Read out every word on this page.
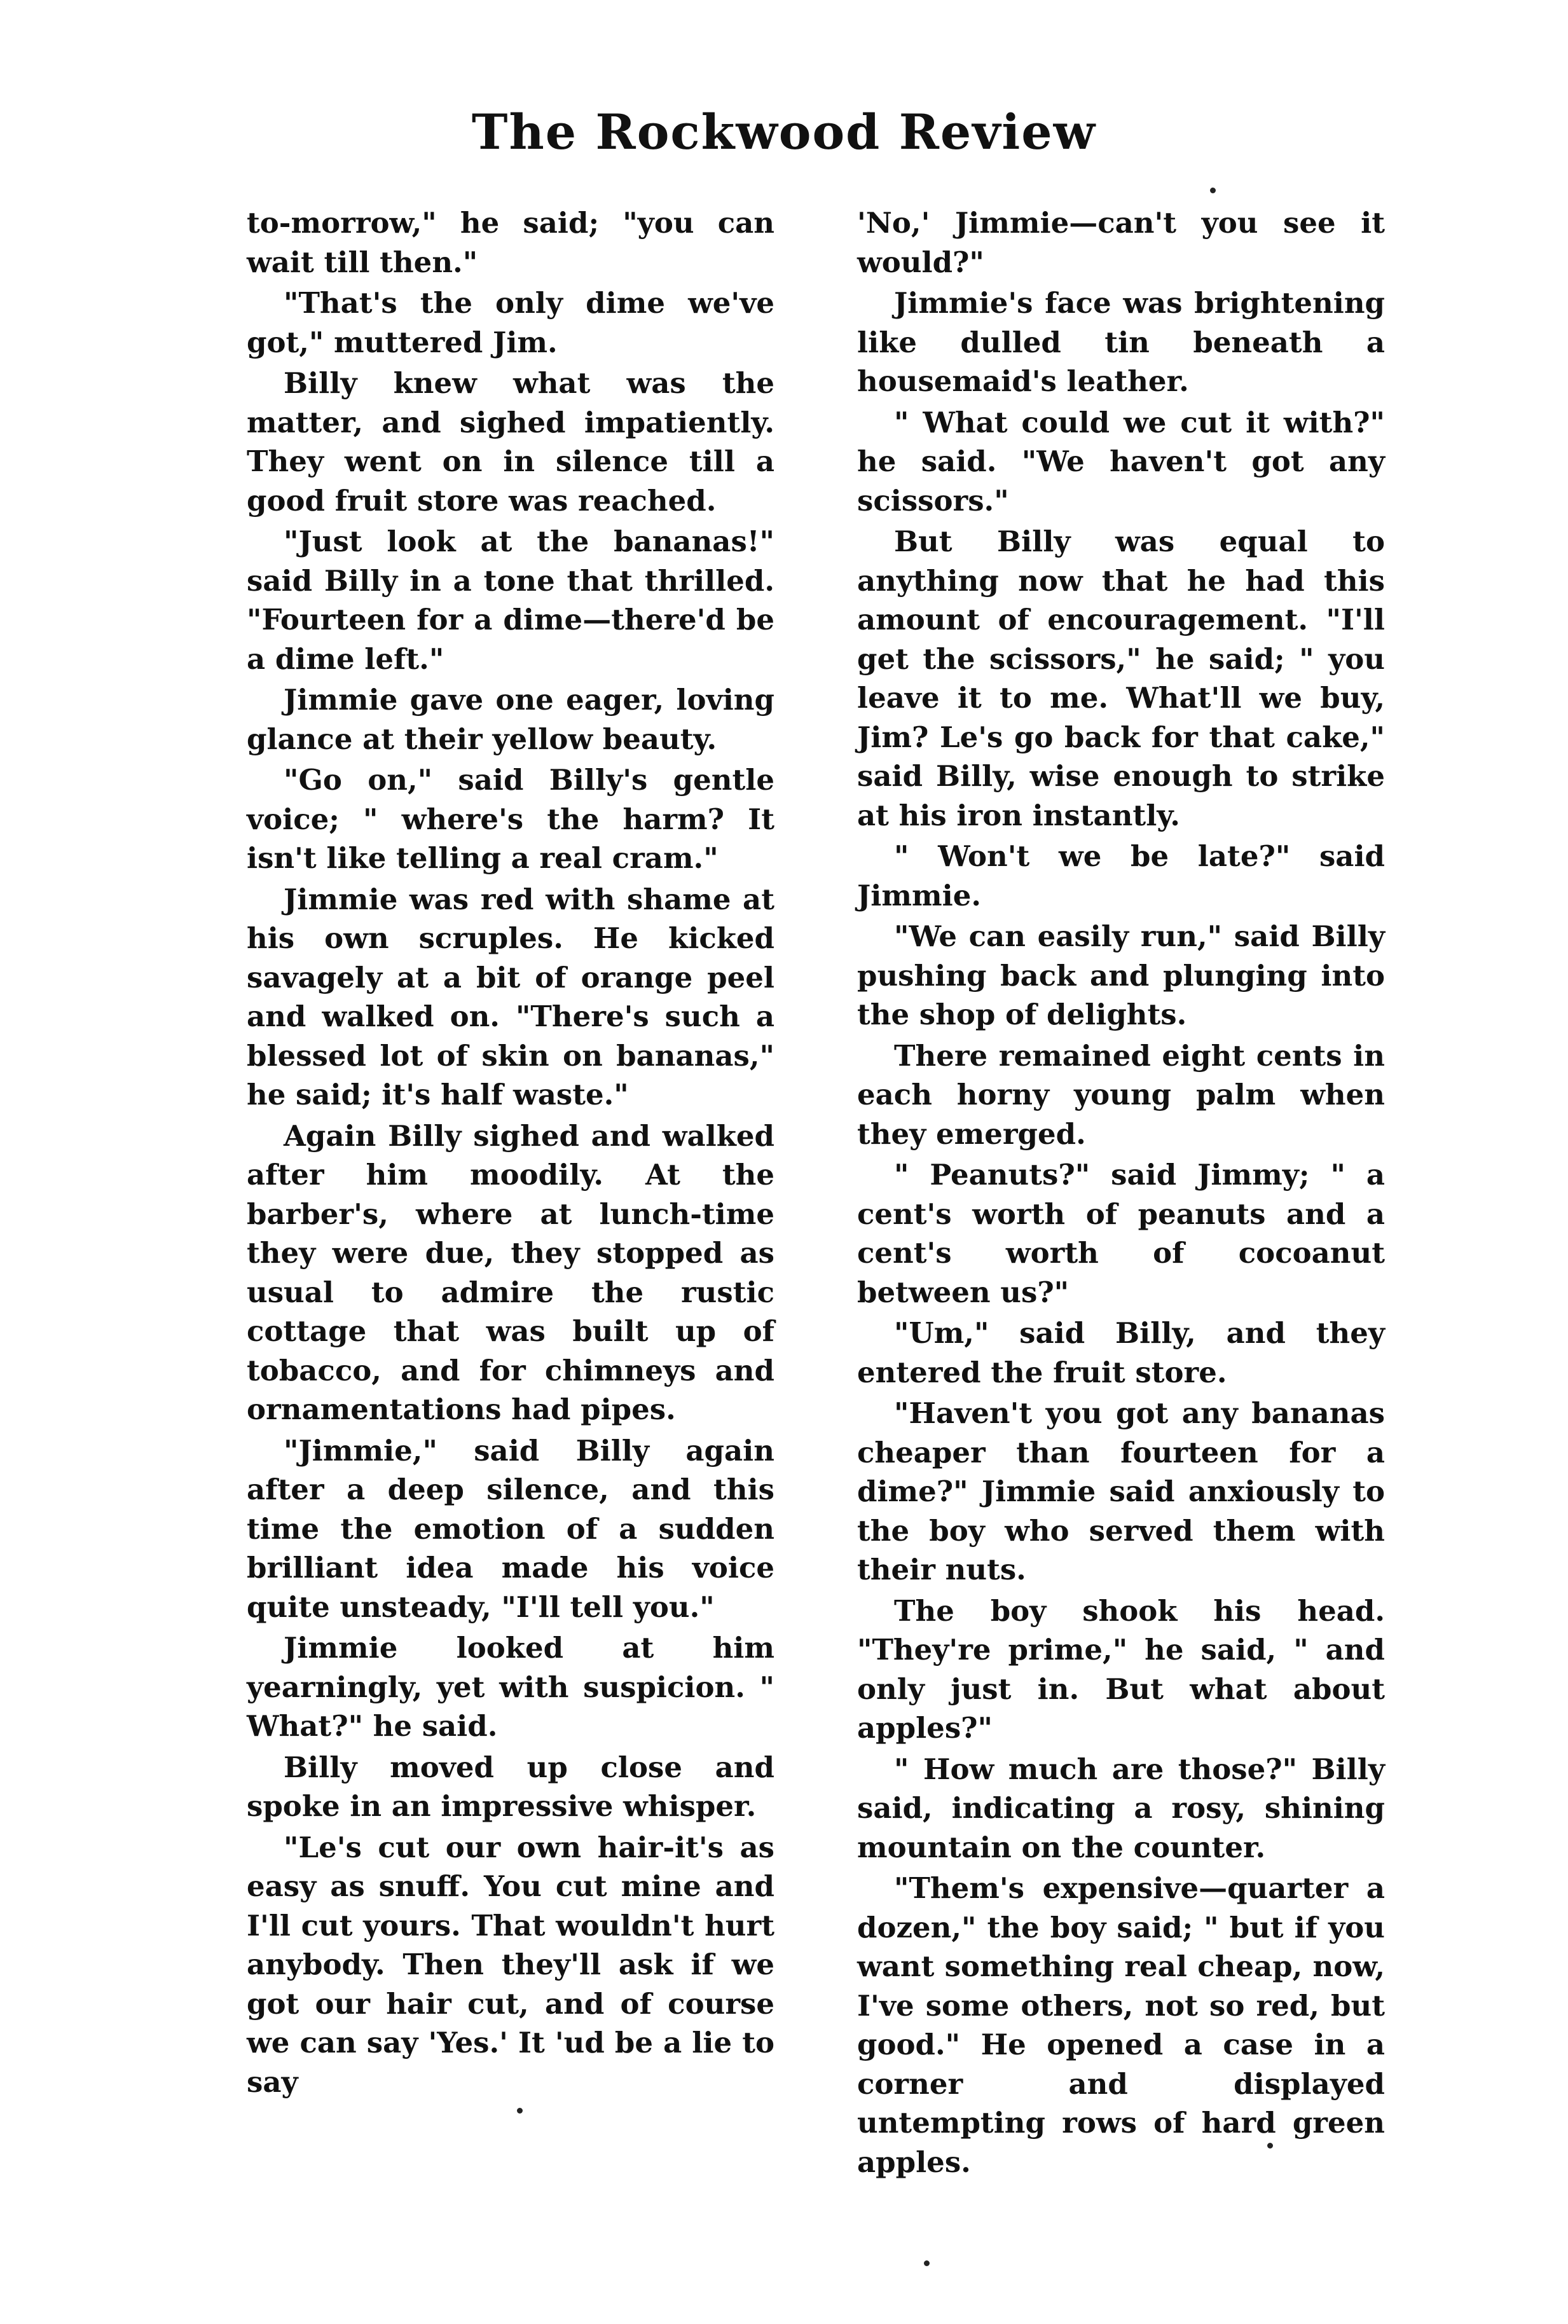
The Rockwood Review

to-morrow," he said; "you can wait till then."

"That's the only dime we've got," muttered Jim.

Billy knew what was the matter, and sighed impatiently. They went on in silence till a good fruit store was reached.

"Just look at the bananas!" said Billy in a tone that thrilled. "Fourteen for a dime—there'd be a dime left."

Jimmie gave one eager, loving glance at their yellow beauty.

"Go on," said Billy's gentle voice; " where's the harm? It isn't like telling a real cram."

Jimmie was red with shame at his own scruples. He kicked savagely at a bit of orange peel and walked on. "There's such a blessed lot of skin on bananas," he said; it's half waste."

Again Billy sighed and walked after him moodily. At the barber's, where at lunch-time they were due, they stopped as usual to admire the rustic cottage that was built up of tobacco, and for chimneys and ornamentations had pipes.

"Jimmie," said Billy again after a deep silence, and this time the emotion of a sudden brilliant idea made his voice quite unsteady, "I'll tell you."

Jimmie looked at him yearningly, yet with suspicion. " What?" he said.

Billy moved up close and spoke in an impressive whisper.

"Le's cut our own hair-it's as easy as snuff. You cut mine and I'll cut yours. That wouldn't hurt anybody. Then they'll ask if we got our hair cut, and of course we can say 'Yes.' It 'ud be a lie to say

'No,' Jimmie—can't you see it would?"

Jimmie's face was brightening like dulled tin beneath a housemaid's leather.

" What could we cut it with?" he said. "We haven't got any scissors."

But Billy was equal to anything now that he had this amount of encouragement. "I'll get the scissors," he said; " you leave it to me. What'll we buy, Jim? Le's go back for that cake," said Billy, wise enough to strike at his iron instantly.

" Won't we be late?" said Jimmie.

"We can easily run," said Billy pushing back and plunging into the shop of delights.

There remained eight cents in each horny young palm when they emerged.

" Peanuts?" said Jimmy; " a cent's worth of peanuts and a cent's worth of cocoanut between us?"

"Um," said Billy, and they entered the fruit store.

"Haven't you got any bananas cheaper than fourteen for a dime?" Jimmie said anxiously to the boy who served them with their nuts.

The boy shook his head. "They're prime," he said, " and only just in. But what about apples?"

" How much are those?" Billy said, indicating a rosy, shining mountain on the counter.

"Them's expensive—quarter a dozen," the boy said; " but if you want something real cheap, now, I've some others, not so red, but good." He opened a case in a corner and displayed untempting rows of hard green apples.
